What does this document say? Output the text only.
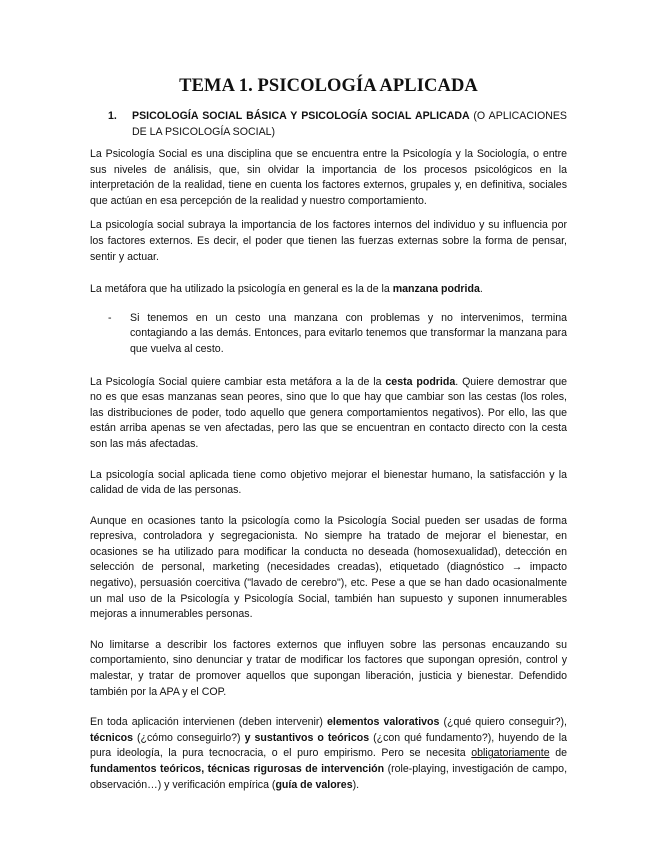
TEMA 1. PSICOLOGÍA APLICADA
1.	PSICOLOGÍA SOCIAL BÁSICA Y PSICOLOGÍA SOCIAL APLICADA (O APLICACIONES DE LA PSICOLOGÍA SOCIAL)

La Psicología Social es una disciplina que se encuentra entre la Psicología y la Sociología, o entre sus niveles de análisis, que, sin olvidar la importancia de los procesos psicológicos en la interpretación de la realidad, tiene en cuenta los factores externos, grupales y, en definitiva, sociales que actúan en esa percepción de la realidad y nuestro comportamiento.

La psicología social subraya la importancia de los factores internos del individuo y su influencia por los factores externos. Es decir, el poder que tienen las fuerzas externas sobre la forma de pensar, sentir y actuar.

La metáfora que ha utilizado la psicología en general es la de la manzana podrida.

-	Si tenemos en un cesto una manzana con problemas y no intervenimos, termina contagiando a las demás. Entonces, para evitarlo tenemos que transformar la manzana para que vuelva al cesto.

La Psicología Social quiere cambiar esta metáfora a la de la cesta podrida. Quiere demostrar que no es que esas manzanas sean peores, sino que lo que hay que cambiar son las cestas (los roles, las distribuciones de poder, todo aquello que genera comportamientos negativos). Por ello, las que están arriba apenas se ven afectadas, pero las que se encuentran en contacto directo con la cesta son las más afectadas.

La psicología social aplicada tiene como objetivo mejorar el bienestar humano, la satisfacción y la calidad de vida de las personas.

Aunque en ocasiones tanto la psicología como la Psicología Social pueden ser usadas de forma represiva, controladora y segregacionista. No siempre ha tratado de mejorar el bienestar, en ocasiones se ha utilizado para modificar la conducta no deseada (homosexualidad), detección en selección de personal, marketing (necesidades creadas), etiquetado (diagnóstico → impacto negativo), persuasión coercitiva ("lavado de cerebro"), etc. Pese a que se han dado ocasionalmente un mal uso de la Psicología y Psicología Social, también han supuesto y suponen innumerables mejoras a innumerables personas.

No limitarse a describir los factores externos que influyen sobre las personas encauzando su comportamiento, sino denunciar y tratar de modificar los factores que supongan opresión, control y malestar, y tratar de promover aquellos que supongan liberación, justicia y bienestar. Defendido también por la APA y el COP.

En toda aplicación intervienen (deben intervenir) elementos valorativos (¿qué quiero conseguir?), técnicos (¿cómo conseguirlo?) y sustantivos o teóricos (¿con qué fundamento?), huyendo de la pura ideología, la pura tecnocracia, o el puro empirismo. Pero se necesita obligatoriamente de fundamentos teóricos, técnicas rigurosas de intervención (role-playing, investigación de campo, observación…) y verificación empírica (guía de valores).
